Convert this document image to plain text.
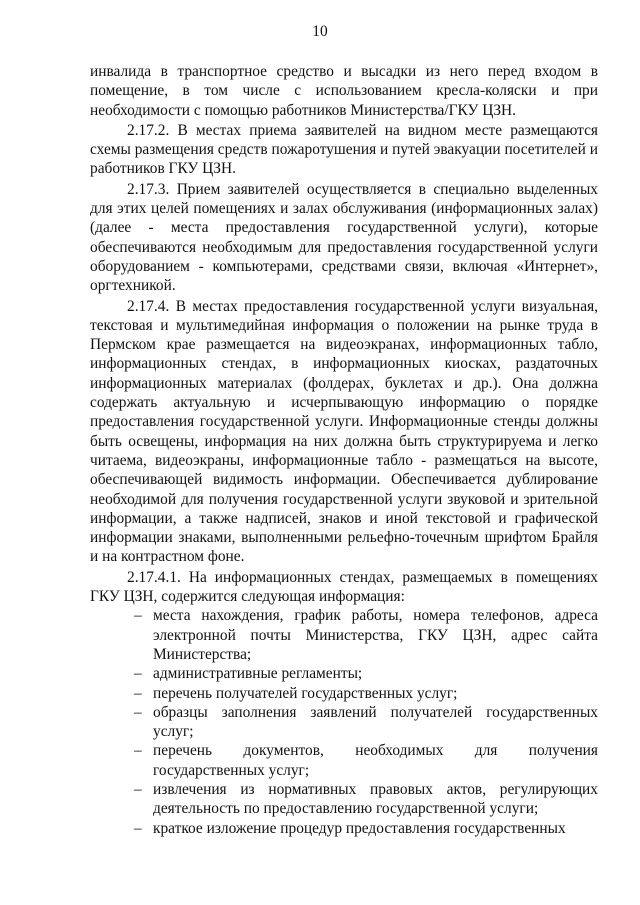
10

инвалида в транспортное средство и высадки из него перед входом в помещение, в том числе с использованием кресла-коляски и при необходимости с помощью работников Министерства/ГКУ ЦЗН.

2.17.2. В местах приема заявителей на видном месте размещаются схемы размещения средств пожаротушения и путей эвакуации посетителей и работников ГКУ ЦЗН.

2.17.3. Прием заявителей осуществляется в специально выделенных для этих целей помещениях и залах обслуживания (информационных залах) (далее - места предоставления государственной услуги), которые обеспечиваются необходимым для предоставления государственной услуги оборудованием - компьютерами, средствами связи, включая «Интернет», оргтехникой.

2.17.4. В местах предоставления государственной услуги визуальная, текстовая и мультимедийная информация о положении на рынке труда в Пермском крае размещается на видеоэкранах, информационных табло, информационных стендах, в информационных киосках, раздаточных информационных материалах (фолдерах, буклетах и др.). Она должна содержать актуальную и исчерпывающую информацию о порядке предоставления государственной услуги. Информационные стенды должны быть освещены, информация на них должна быть структурируема и легко читаема, видеоэкраны, информационные табло - размещаться на высоте, обеспечивающей видимость информации. Обеспечивается дублирование необходимой для получения государственной услуги звуковой и зрительной информации, а также надписей, знаков и иной текстовой и графической информации знаками, выполненными рельефно-точечным шрифтом Брайля и на контрастном фоне.

2.17.4.1. На информационных стендах, размещаемых в помещениях ГКУ ЦЗН, содержится следующая информация:

– места нахождения, график работы, номера телефонов, адреса электронной почты Министерства, ГКУ ЦЗН, адрес сайта Министерства;
– административные регламенты;
– перечень получателей государственных услуг;
– образцы заполнения заявлений получателей государственных услуг;
– перечень документов, необходимых для получения государственных услуг;
– извлечения из нормативных правовых актов, регулирующих деятельность по предоставлению государственной услуги;
– краткое изложение процедур предоставления государственных
